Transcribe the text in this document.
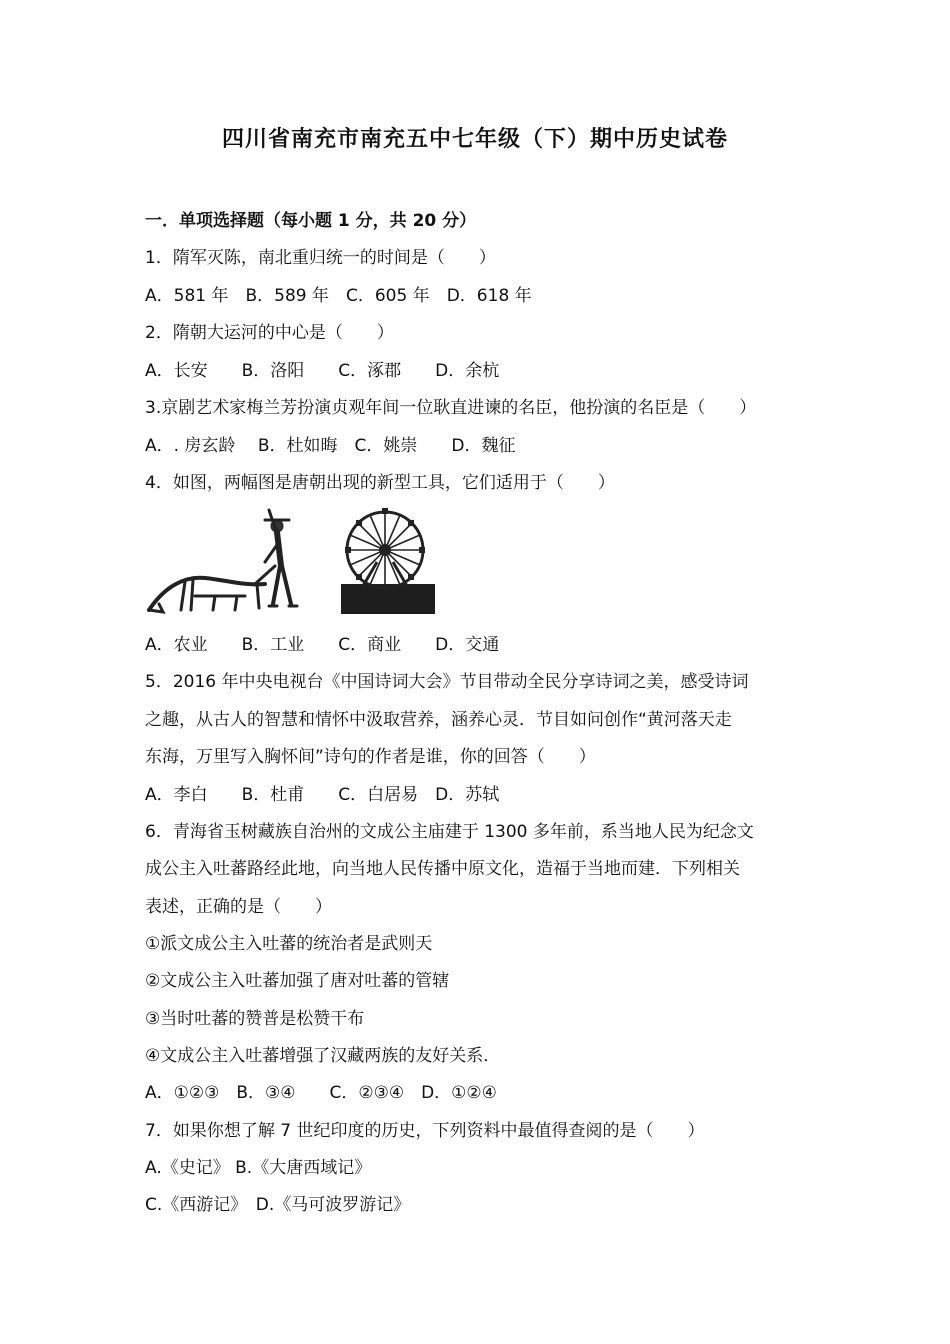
四川省南充市南充五中七年级（下）期中历史试卷
一．单项选择题（每小题 1 分，共 20 分）
1．隋军灭陈，南北重归统一的时间是（　　）
A．581 年　B．589 年　C．605 年　D．618 年
2．隋朝大运河的中心是（　　）
A．长安　　B．洛阳　　C．涿郡　　D．余杭
3.京剧艺术家梅兰芳扮演贞观年间一位耿直进谏的名臣，他扮演的名臣是（　　）
A．. 房玄龄　 B．杜如晦　C．姚崇　　D．魏征
4．如图，两幅图是唐朝出现的新型工具，它们适用于（　　）
A．农业　　B．工业　　C．商业　　D．交通
5．2016 年中央电视台《中国诗词大会》节目带动全民分享诗词之美，感受诗词
之趣，从古人的智慧和情怀中汲取营养，涵养心灵．节目如问创作“黄河落天走
东海，万里写入胸怀间”诗句的作者是谁，你的回答（　　）
A．李白　　B．杜甫　　C．白居易　D．苏轼
6．青海省玉树藏族自治州的文成公主庙建于 1300 多年前，系当地人民为纪念文
成公主入吐蕃路经此地，向当地人民传播中原文化，造福于当地而建．下列相关
表述，正确的是（　　）
①派文成公主入吐蕃的统治者是武则天
②文成公主入吐蕃加强了唐对吐蕃的管辖
③当时吐蕃的赞普是松赞干布
④文成公主入吐蕃增强了汉藏两族的友好关系．
A．①②③　B．③④　　C．②③④　D．①②④
7．如果你想了解 7 世纪印度的历史，下列资料中最值得查阅的是（　　）
A.《史记》 B.《大唐西域记》
C.《西游记》　D.《马可波罗游记》
